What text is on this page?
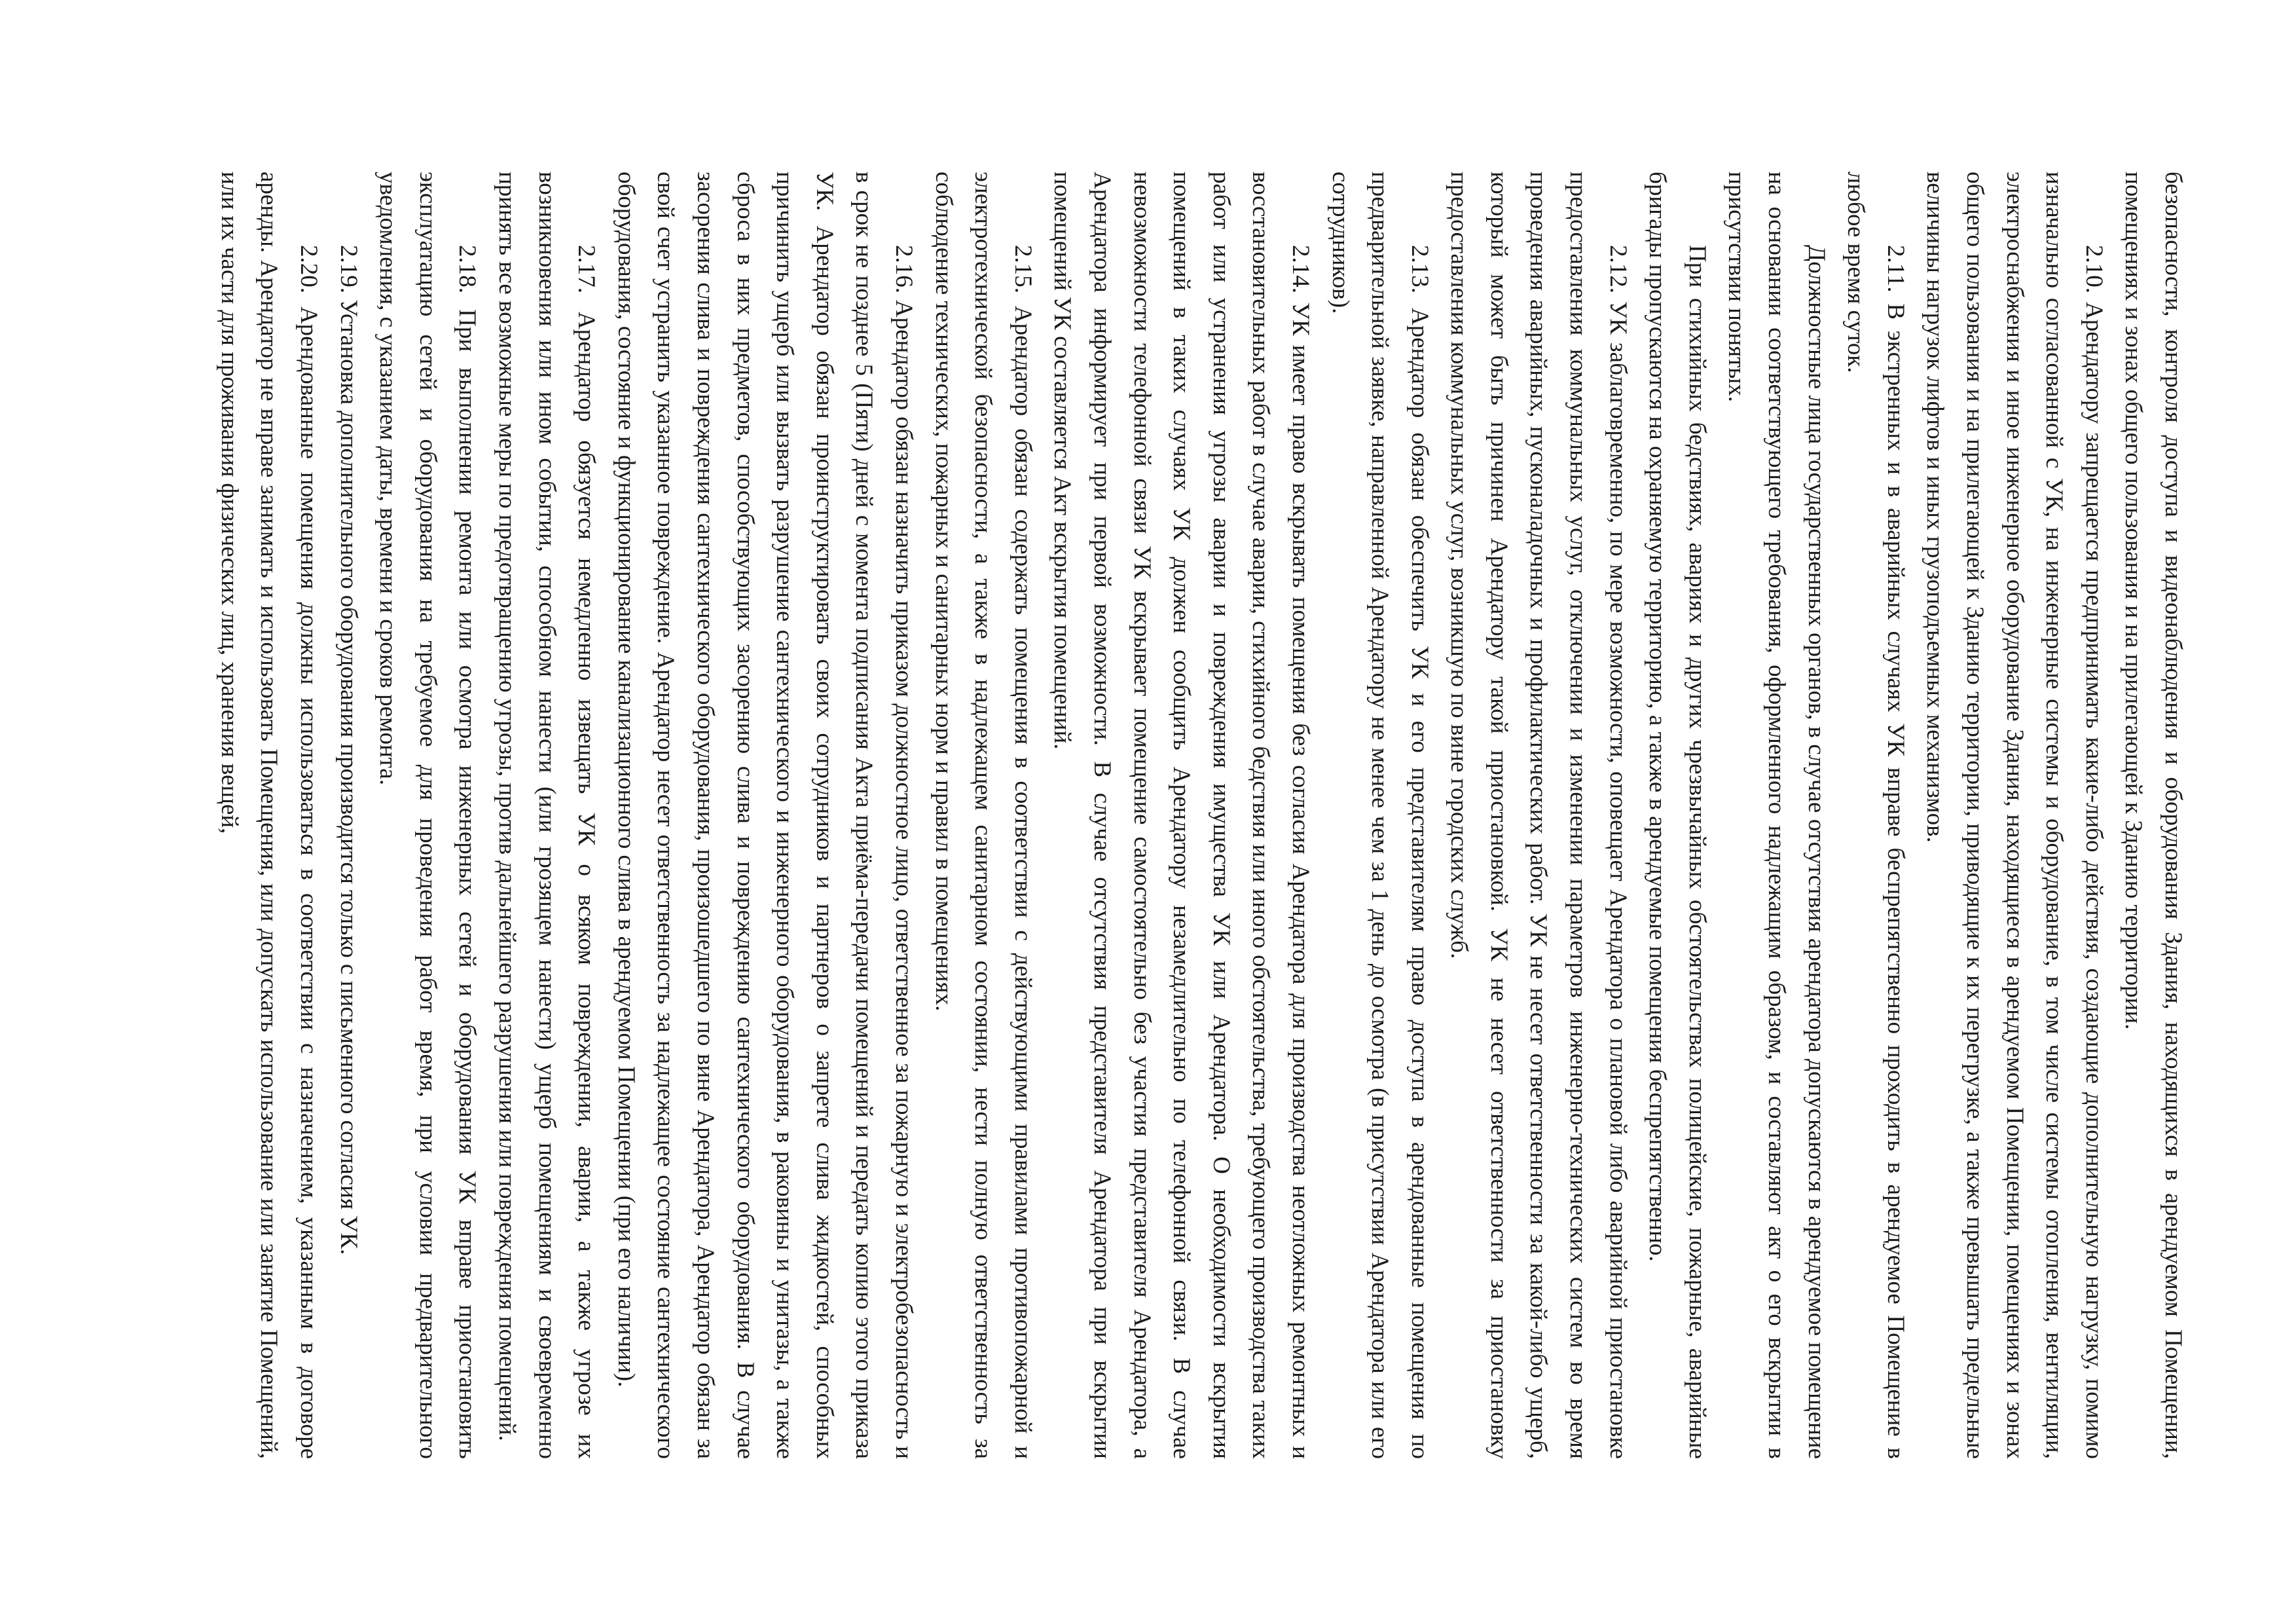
безопасности, контроля доступа и видеонаблюдения и оборудования Здания, находящихся в арендуемом Помещении, помещениях и зонах общего пользования и на прилегающей к Зданию территории.

2.10. Арендатору запрещается предпринимать какие-либо действия, создающие дополнительную нагрузку, помимо изначально согласованной с УК, на инженерные системы и оборудование, в том числе системы отопления, вентиляции, электроснабжения и иное инженерное оборудование Здания, находящиеся в арендуемом Помещении, помещениях и зонах общего пользования и на прилегающей к Зданию территории, приводящие к их перегрузке, а также превышать предельные величины нагрузок лифтов и иных грузоподъемных механизмов.

2.11. В экстренных и в аварийных случаях УК вправе беспрепятственно проходить в арендуемое Помещение в любое время суток.

Должностные лица государственных органов, в случае отсутствия арендатора допускаются в арендуемое помещение на основании соответствующего требования, оформленного надлежащим образом, и составляют акт о его вскрытии в присутствии понятых.

При стихийных бедствиях, авариях и других чрезвычайных обстоятельствах полицейские, пожарные, аварийные бригады пропускаются на охраняемую территорию, а также в арендуемые помещения беспрепятственно.

2.12. УК заблаговременно, по мере возможности, оповещает Арендатора о плановой либо аварийной приостановке предоставления коммунальных услуг, отключении и изменении параметров инженерно-технических систем во время проведения аварийных, пусконаладочных и профилактических работ. УК не несет ответственности за какой-либо ущерб, который может быть причинен Арендатору такой приостановкой. УК не несет ответственности за приостановку предоставления коммунальных услуг, возникшую по вине городских служб.

2.13. Арендатор обязан обеспечить УК и его представителям право доступа в арендованные помещения по предварительной заявке, направленной Арендатору не менее чем за 1 день до осмотра (в присутствии Арендатора или его сотрудников).

2.14. УК имеет право вскрывать помещения без согласия Арендатора для производства неотложных ремонтных и восстановительных работ в случае аварии, стихийного бедствия или иного обстоятельства, требующего производства таких работ или устранения угрозы аварии и повреждения имущества УК или Арендатора. О необходимости вскрытия помещений в таких случаях УК должен сообщить Арендатору незамедлительно по телефонной связи. В случае невозможности телефонной связи УК вскрывает помещение самостоятельно без участия представителя Арендатора, а Арендатора информирует при первой возможности. В случае отсутствия представителя Арендатора при вскрытии помещений УК составляется Акт вскрытия помещений.

2.15. Арендатор обязан содержать помещения в соответствии с действующими правилами противопожарной и электротехнической безопасности, а также в надлежащем санитарном состоянии, нести полную ответственность за соблюдение технических, пожарных и санитарных норм и правил в помещениях.

2.16. Арендатор обязан назначить приказом должностное лицо, ответственное за пожарную и электробезопасность и в срок не позднее 5 (Пяти) дней с момента подписания Акта приёма-передачи помещений и передать копию этого приказа УК. Арендатор обязан проинструктировать своих сотрудников и партнеров о запрете слива жидкостей, способных причинить ущерб или вызвать разрушение сантехнического и инженерного оборудования, в раковины и унитазы, а также сброса в них предметов, способствующих засорению слива и повреждению сантехнического оборудования. В случае засорения слива и повреждения сантехнического оборудования, произошедшего по вине Арендатора, Арендатор обязан за свой счет устранить указанное повреждение. Арендатор несет ответственность за надлежащее состояние сантехнического оборудования, состояние и функционирование канализационного слива в арендуемом Помещении (при его наличии).

2.17. Арендатор обязуется немедленно извещать УК о всяком повреждении, аварии, а также угрозе их возникновения или ином событии, способном нанести (или грозящем нанести) ущерб помещениям и своевременно принять все возможные меры по предотвращению угрозы, против дальнейшего разрушения или повреждения помещений.

2.18. При выполнении ремонта или осмотра инженерных сетей и оборудования УК вправе приостановить эксплуатацию сетей и оборудования на требуемое для проведения работ время, при условии предварительного уведомления, с указанием даты, времени и сроков ремонта.

2.19. Установка дополнительного оборудования производится только с письменного согласия УК.

2.20. Арендованные помещения должны использоваться в соответствии с назначением, указанным в договоре аренды. Арендатор не вправе занимать и использовать Помещения, или допускать использование или занятие Помещений, или их части для проживания физических лиц, хранения вещей,
